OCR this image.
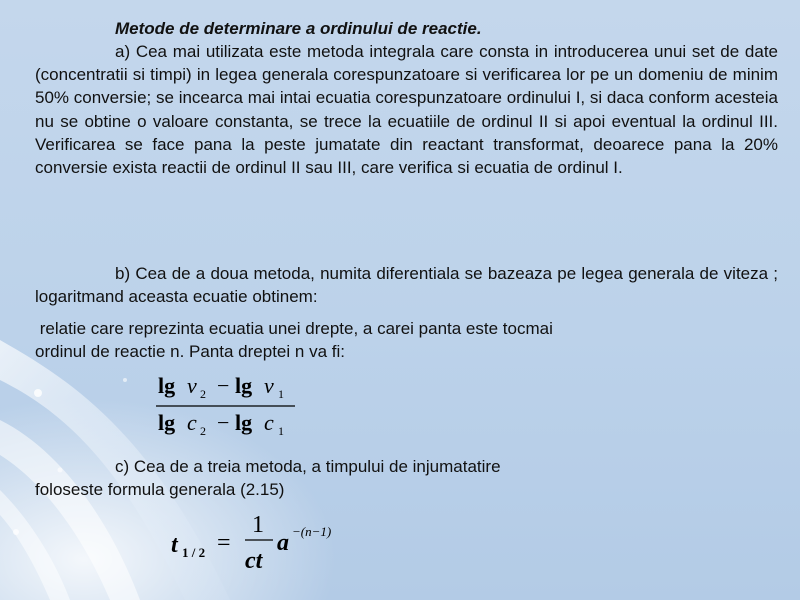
Metode de determinare a ordinului de reactie.
a) Cea mai utilizata este metoda integrala care consta in introducerea unui set de date (concentratii si timpi) in legea generala corespunzatoare si verificarea lor pe un domeniu de minim 50% conversie; se incearca mai intai ecuatia corespunzatoare ordinului I, si daca conform acesteia nu se obtine o valoare constanta, se trece la ecuatiile de ordinul II si apoi eventual la ordinul III. Verificarea se face pana la peste jumatate din reactant transformat, deoarece pana la 20% conversie exista reactii de ordinul II sau III, care verifica si ecuatia de ordinul I.
b) Cea de a doua metoda, numita diferentiala se bazeaza pe legea generala de viteza ; logaritmand aceasta ecuatie obtinem:
relatie care reprezinta ecuatia unei drepte, a carei panta este tocmai
ordinul de reactie n. Panta dreptei n va fi:
lg v 2 − lg v 1
lg c 2 − lg c 1
c) Cea de a treia metoda, a timpului de injumatatire
foloseste formula generala (2.15)
t 1 / 2 =
1
ct
a −(n−1)
